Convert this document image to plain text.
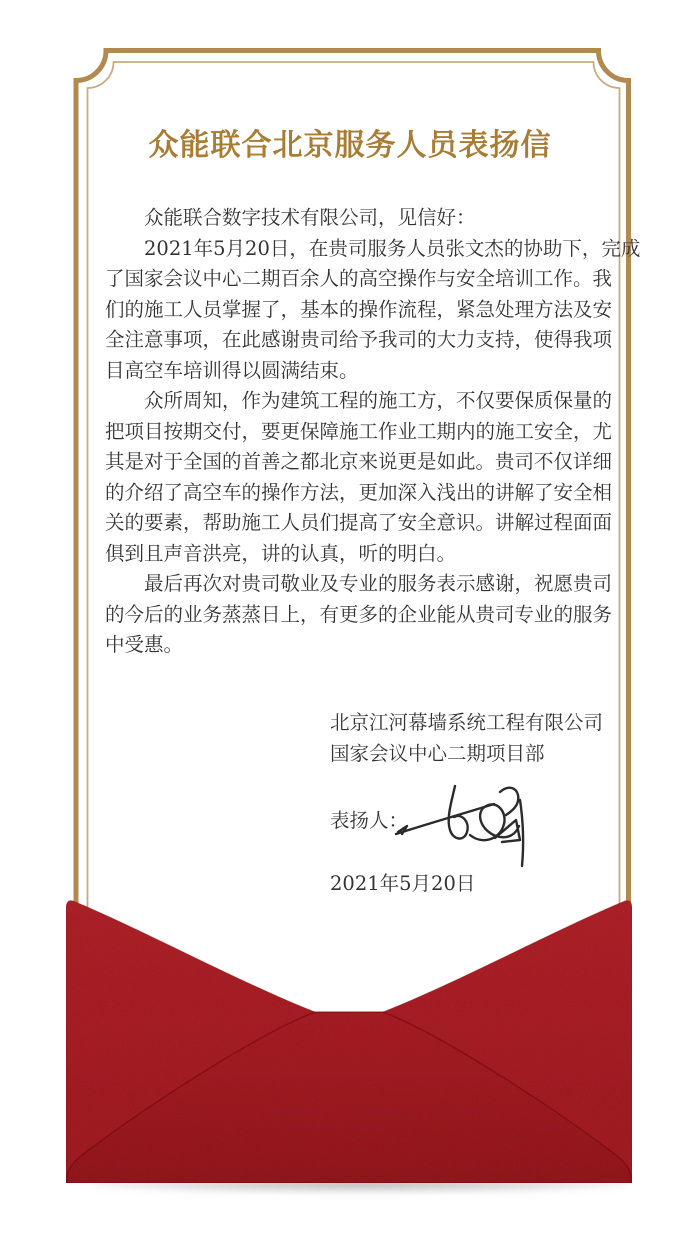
众能联合北京服务人员表扬信
　　众能联合数字技术有限公司，见信好：
　　2021年5月20日，在贵司服务人员张文杰的协助下，完成
了国家会议中心二期百余人的高空操作与安全培训工作。我
们的施工人员掌握了，基本的操作流程，紧急处理方法及安
全注意事项，在此感谢贵司给予我司的大力支持，使得我项
目高空车培训得以圆满结束。
　　众所周知，作为建筑工程的施工方，不仅要保质保量的
把项目按期交付，要更保障施工作业工期内的施工安全，尤
其是对于全国的首善之都北京来说更是如此。贵司不仅详细
的介绍了高空车的操作方法，更加深入浅出的讲解了安全相
关的要素，帮助施工人员们提高了安全意识。讲解过程面面
俱到且声音洪亮，讲的认真，听的明白。
　　最后再次对贵司敬业及专业的服务表示感谢，祝愿贵司
的今后的业务蒸蒸日上，有更多的企业能从贵司专业的服务
中受惠。
北京江河幕墙系统工程有限公司
国家会议中心二期项目部
表扬人：
2021年5月20日
